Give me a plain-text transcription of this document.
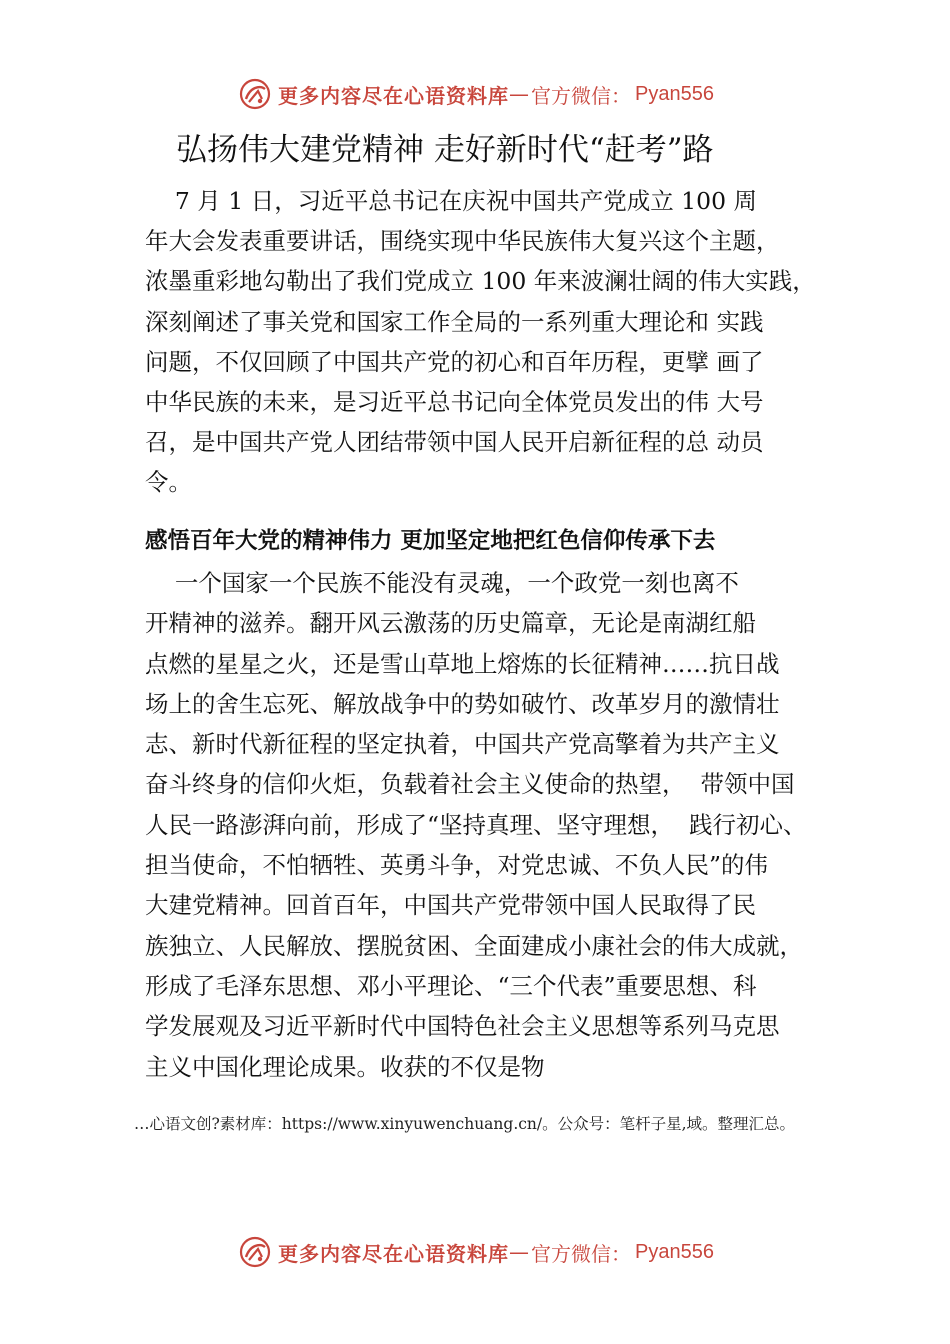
更多内容尽在心语资料库 — 官方微信： Pyan556
弘扬伟大建党精神 走好新时代“赶考”路
7 月 1 日，习近平总书记在庆祝中国共产党成立 100 周
年大会发表重要讲话，围绕实现中华民族伟大复兴这个主题，
浓墨重彩地勾勒出了我们党成立 100 年来波澜壮阔的伟大实践，
深刻阐述了事关党和国家工作全局的一系列重大理论和 实践
问题，不仅回顾了中国共产党的初心和百年历程，更擘 画了
中华民族的未来，是习近平总书记向全体党员发出的伟 大号
召，是中国共产党人团结带领中国人民开启新征程的总 动员
令。
感悟百年大党的精神伟力 更加坚定地把红色信仰传承下去
一个国家一个民族不能没有灵魂，一个政党一刻也离不
开精神的滋养。翻开风云激荡的历史篇章，无论是南湖红船
点燃的星星之火，还是雪山草地上熔炼的长征精神……抗日战
场上的舍生忘死、解放战争中的势如破竹、改革岁月的激情壮
志、新时代新征程的坚定执着，中国共产党高擎着为共产主义
奋斗终身的信仰火炬，负载着社会主义使命的热望，  带领中国
人民一路澎湃向前，形成了“坚持真理、坚守理想，  践行初心、
担当使命，不怕牺牲、英勇斗争，对党忠诚、不负人民”的伟
大建党精神。回首百年，中国共产党带领中国人民取得了民
族独立、人民解放、摆脱贫困、全面建成小康社会的伟大成就，
形成了毛泽东思想、邓小平理论、“三个代表”重要思想、科
学发展观及习近平新时代中国特色社会主义思想等系列马克思
主义中国化理论成果。收获的不仅是物
…心语文创?素材库：https://www.xinyuwenchuang.cn/。公众号：笔杆子星,域。整理汇总。
更多内容尽在心语资料库 — 官方微信： Pyan556
